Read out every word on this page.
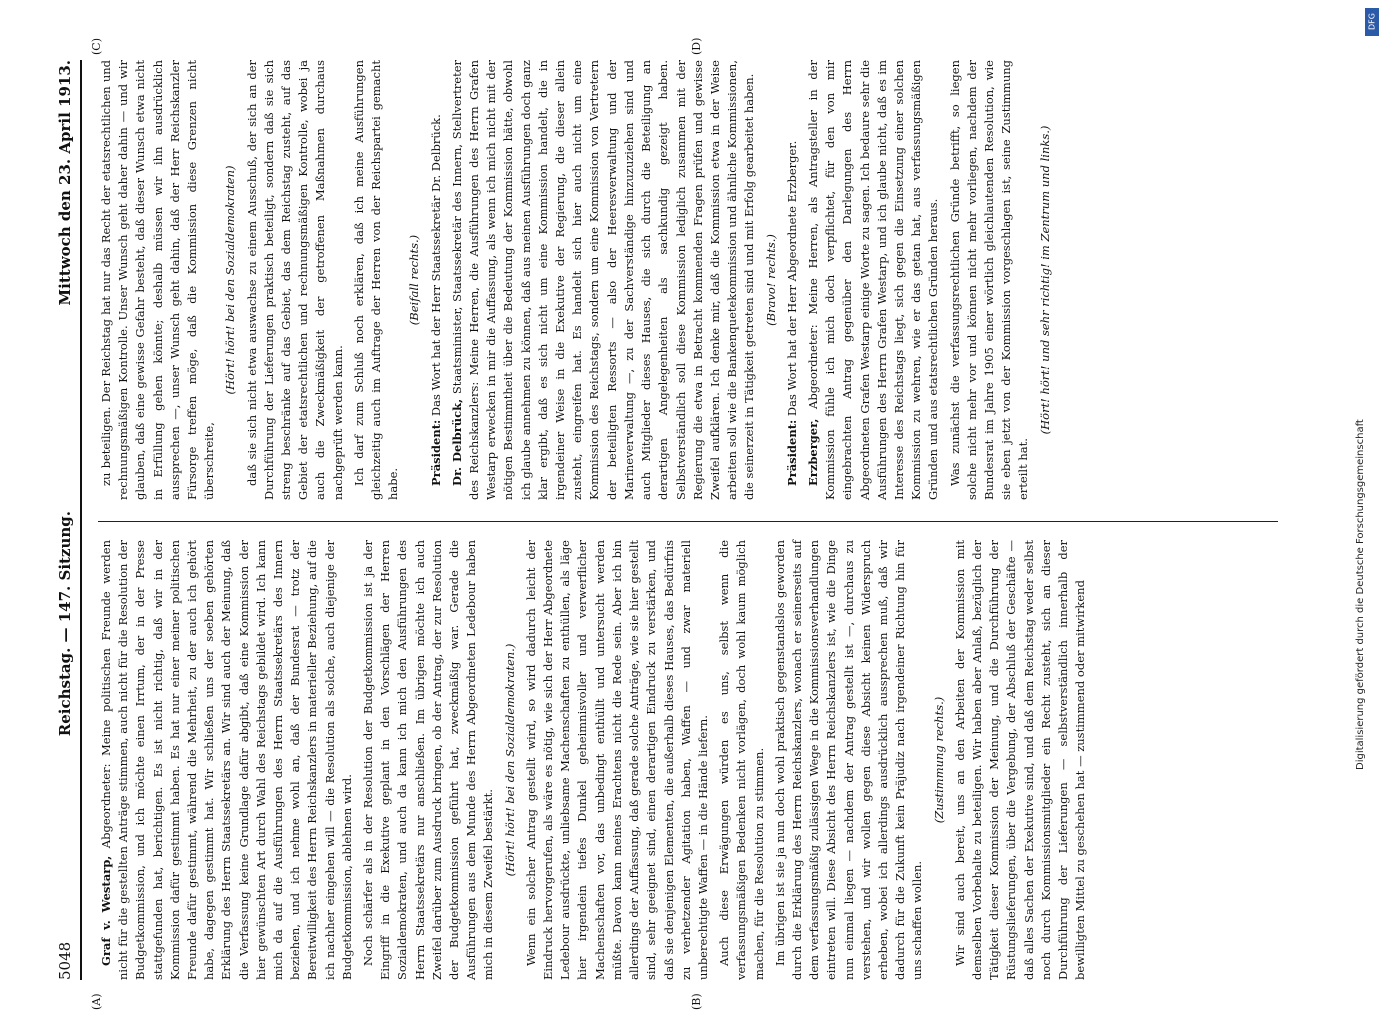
5048
Reichstag. — 147. Sitzung.
Mittwoch den 23. April 1913.
(A)	(B)
(C)	(D)

Graf v. Westarp, Abgeordneter: Meine politischen Freunde werden nicht für die gestellten Anträge stimmen, auch nicht für die Resolution der Budgetkommission, und ich möchte einen Irrtum, der in der Presse stattgefunden hat, berichtigen. Es ist nicht richtig, daß wir in der Kommission dafür gestimmt haben. Es hat nur einer meiner politischen Freunde dafür gestimmt, während die Mehrheit, zu der auch ich gehört habe, dagegen gestimmt hat. Wir schließen uns der soeben gehörten Erklärung des Herrn Staatssekretärs an. Wir sind auch der Meinung, daß die Verfassung keine Grundlage dafür abgibt, daß eine Kommission der hier gewünschten Art durch Wahl des Reichstags gebildet wird. Ich kann mich da auf die Ausführungen des Herrn Staatssekretärs des Innern beziehen, und ich nehme wohl an, daß der Bundesrat — trotz der Bereitwilligkeit des Herrn Reichskanzlers in materieller Beziehung, auf die ich nachher eingehen will — die Resolution als solche, auch diejenige der Budgetkommission, ablehnen wird. Noch schärfer als in der Resolution der Budgetkommission ist ja der Eingriff in die Exekutive geplant in den Vorschlägen der Herren Sozialdemokraten, und auch da kann ich mich den Ausführungen des Herrn Staatssekretärs nur anschließen. Im übrigen möchte ich auch Zweifel darüber zum Ausdruck bringen, ob der Antrag, der zur Resolution der Budgetkommission geführt hat, zweckmäßig war. Gerade die Ausführungen aus dem Munde des Herrn Abgeordneten Ledebour haben mich in diesem Zweifel bestärkt.

(Hört! hört! bei den Sozialdemokraten.) Wenn ein solcher Antrag gestellt wird, so wird dadurch leicht der Eindruck hervorgerufen, als wäre es nötig, wie sich der Herr Abgeordnete Ledebour ausdrückte, unliebsame Machenschaften zu enthüllen, als läge hier irgendein tiefes Dunkel geheimnisvoller und verwerflicher Machenschaften vor, das unbedingt enthüllt und untersucht werden müßte. Davon kann meines Erachtens nicht die Rede sein. Aber ich bin allerdings der Auffassung, daß gerade solche Anträge, wie sie hier gestellt sind, sehr geeignet sind, einen derartigen Eindruck zu verstärken, und daß sie denjenigen Elementen, die außerhalb dieses Hauses, das Bedürfnis zu verhetzender Agitation haben, Waffen — und zwar materiell unberechtigte Waffen — in die Hände liefern. Auch diese Erwägungen würden es uns, selbst wenn die verfassungsmäßigen Bedenken nicht vorlägen, doch wohl kaum möglich machen, für die Resolution zu stimmen. Im übrigen ist sie ja nun doch wohl praktisch gegenstandslos geworden durch die Erklärung des Herrn Reichskanzlers, wonach er seinerseits auf dem verfassungsmäßig zulässigen Wege in die Kommissionsverhandlungen eintreten will. Diese Absicht des Herrn Reichskanzlers ist, wie die Dinge nun einmal liegen — nachdem der Antrag gestellt ist —, durchaus zu verstehen, und wir wollen gegen diese Absicht keinen Widerspruch erheben, wobei ich allerdings ausdrücklich aussprechen muß, daß wir dadurch für die Zukunft kein Präjudiz nach irgendeiner Richtung hin für uns schaffen wollen.

(Zustimmung rechts.) Wir sind auch bereit, uns an den Arbeiten der Kommission mit demselben Vorbehalte zu beteiligen. Wir haben aber Anlaß, bezüglich der Tätigkeit dieser Kommission der Meinung, und die Durchführung der Rüstungslieferungen, über die Vergebung, der Abschluß der Geschäfte — daß alles Sachen der Exekutive sind, und daß dem Reichstag weder selbst noch durch Kommissionsmitglieder ein Recht zusteht, sich an dieser Durchführung der Lieferungen — selbstverständlich innerhalb der bewilligten Mittel zu geschehen hat — zustimmend oder mitwirkend

zu beteiligen. Der Reichstag hat nur das Recht der etatsrechtlichen und rechnungsmäßigen Kontrolle. Unser Wunsch geht daher dahin — und wir glauben, daß eine gewisse Gefahr besteht, daß dieser Wunsch etwa nicht in Erfüllung gehen könnte; deshalb müssen wir ihn ausdrücklich aussprechen —, unser Wunsch geht dahin, daß der Herr Reichskanzler Fürsorge treffen möge, daß die Kommission diese Grenzen nicht überschreite,

(Hört! hört! bei den Sozialdemokraten) daß sie sich nicht etwa auswachse zu einem Ausschuß, der sich an der Durchführung der Lieferungen praktisch beteiligt, sondern daß sie sich streng beschränke auf das Gebiet, das dem Reichstag zusteht, auf das Gebiet der etatsrechtlichen und rechnungsmäßigen Kontrolle, wobei ja auch die Zweckmäßigkeit der getroffenen Maßnahmen durchaus nachgeprüft werden kann. Ich darf zum Schluß noch erklären, daß ich meine Ausführungen gleichzeitig auch im Auftrage der Herren von der Reichspartei gemacht habe.

(Beifall rechts.)

Präsident: Das Wort hat der Herr Staatssekretär Dr. Delbrück.

Dr. Delbrück, Staatsminister, Staatssekretär des Innern, Stellvertreter des Reichskanzlers: Meine Herren, die Ausführungen des Herrn Grafen Westarp erwecken in mir die Auffassung, als wenn ich mich nicht mit der nötigen Bestimmtheit über die Bedeutung der Kommission hätte, obwohl ich glaube annehmen zu können, daß aus meinen Ausführungen doch ganz klar ergibt, daß es sich nicht um eine Kommission handelt, die in irgendeiner Weise in die Exekutive der Regierung, die dieser allein zusteht, eingreifen hat. Es handelt sich hier auch nicht um eine Kommission des Reichstags, sondern um eine Kommission von Vertretern der beteiligten Ressorts — also der Heeresverwaltung und der Marineverwaltung —, zu der Sachverständige hinzuzuziehen sind und auch Mitglieder dieses Hauses, die sich durch die Beteiligung an derartigen Angelegenheiten als sachkundig gezeigt haben. Selbstverständlich soll diese Kommission lediglich zusammen mit der Regierung die etwa in Betracht kommenden Fragen prüfen und gewisse Zweifel aufklären. Ich denke mir, daß die Kommission etwa in der Weise arbeiten soll wie die Bankenquetekommission und ähnliche Kommissionen, die seinerzeit in Tätigkeit getreten sind und mit Erfolg gearbeitet haben. (Bravo! rechts.)

Präsident: Das Wort hat der Herr Abgeordnete Erzberger.

Erzberger, Abgeordneter: Meine Herren, als Antragsteller in der Kommission fühle ich mich doch verpflichtet, für den von mir eingebrachten Antrag gegenüber den Darlegungen des Herrn Abgeordneten Grafen Westarp einige Worte zu sagen. Ich bedaure sehr die Ausführungen des Herrn Grafen Westarp, und ich glaube nicht, daß es im Interesse des Reichstags liegt, sich gegen die Einsetzung einer solchen Kommission zu wehren, wie er das getan hat, aus verfassungsmäßigen Gründen und aus etatsrechtlichen Gründen heraus. Was zunächst die verfassungsrechtlichen Gründe betrifft, so liegen solche nicht mehr vor und können nicht mehr vorliegen, nachdem der Bundesrat im Jahre 1905 einer wörtlich gleichlautenden Resolution, wie sie eben jetzt von der Kommission vorgeschlagen ist, seine Zustimmung erteilt hat.

(Hört! hört! und sehr richtig! im Zentrum und links.)

Digitalisierung gefördert durch die Deutsche Forschungsgemeinschaft
DFG
